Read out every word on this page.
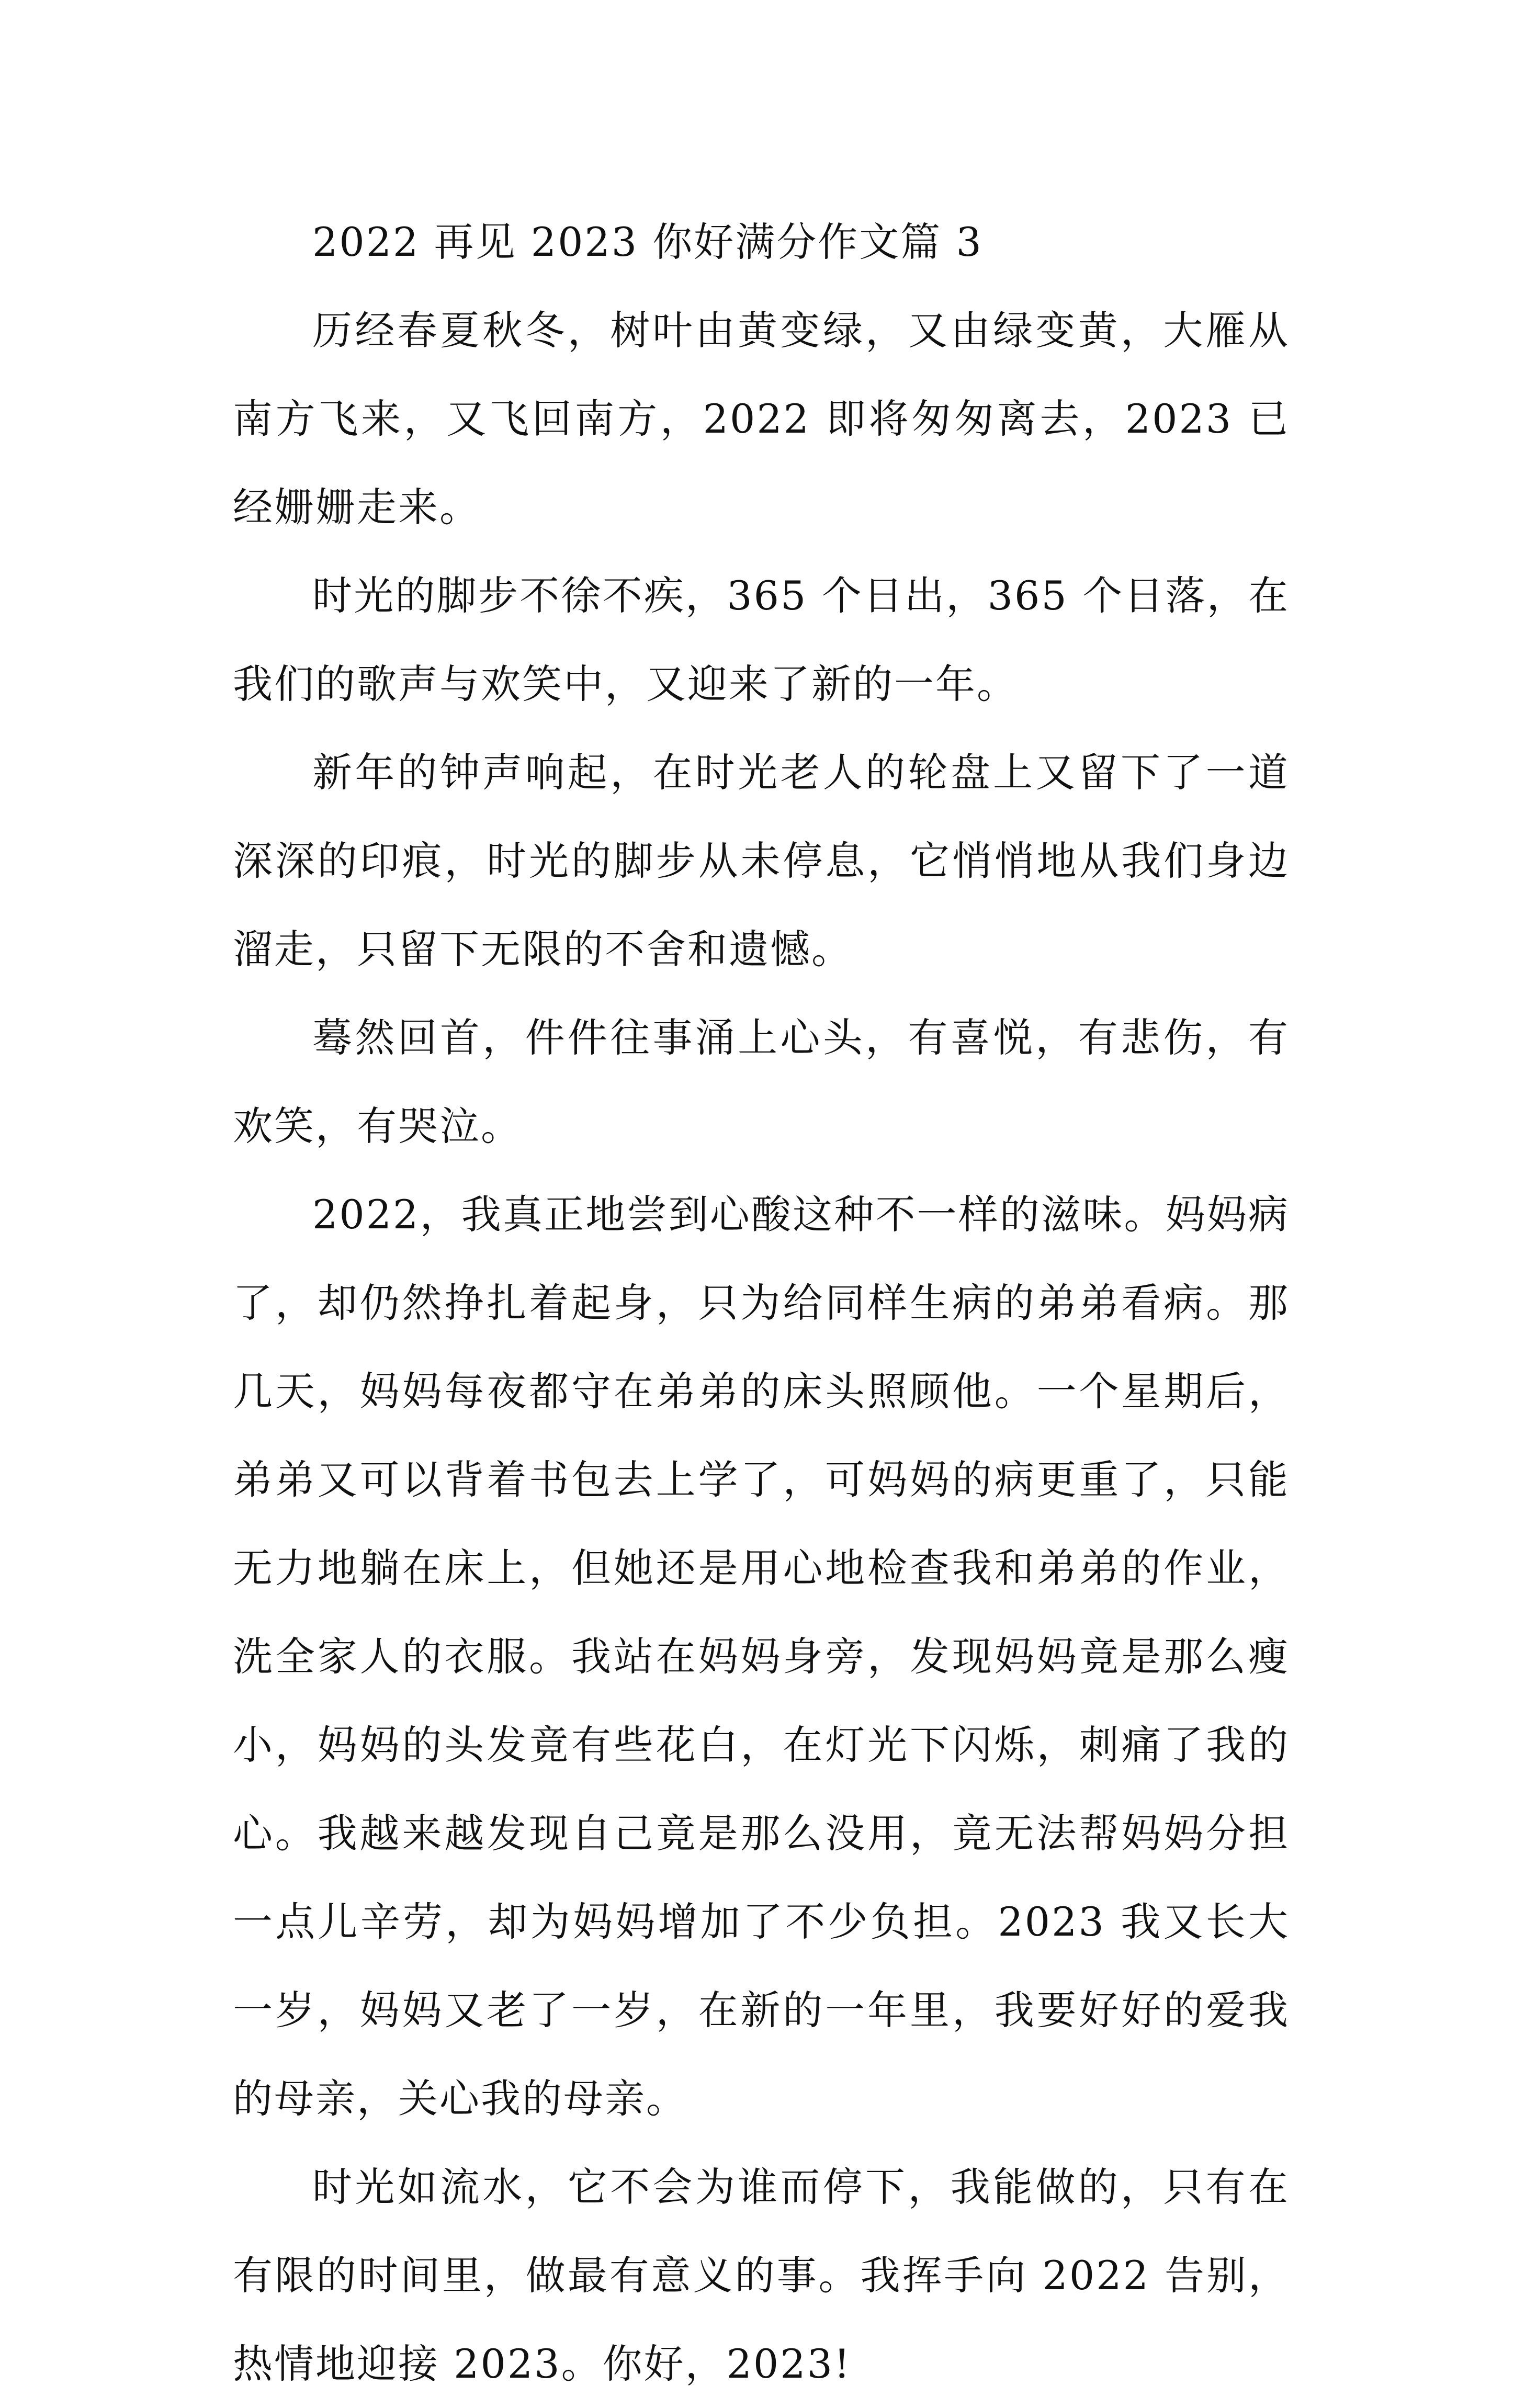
2022 再见 2023 你好满分作文篇 3

历经春夏秋冬，树叶由黄变绿，又由绿变黄，大雁从南方飞来，又飞回南方，2022 即将匆匆离去，2023 已经姗姗走来。

时光的脚步不徐不疾，365 个日出，365 个日落，在我们的歌声与欢笑中，又迎来了新的一年。

新年的钟声响起，在时光老人的轮盘上又留下了一道深深的印痕，时光的脚步从未停息，它悄悄地从我们身边溜走，只留下无限的不舍和遗憾。

蓦然回首，件件往事涌上心头，有喜悦，有悲伤，有欢笑，有哭泣。

2022，我真正地尝到心酸这种不一样的滋味。妈妈病了，却仍然挣扎着起身，只为给同样生病的弟弟看病。那几天，妈妈每夜都守在弟弟的床头照顾他。一个星期后，弟弟又可以背着书包去上学了，可妈妈的病更重了，只能无力地躺在床上，但她还是用心地检查我和弟弟的作业，洗全家人的衣服。我站在妈妈身旁，发现妈妈竟是那么瘦小，妈妈的头发竟有些花白，在灯光下闪烁，刺痛了我的心。我越来越发现自己竟是那么没用，竟无法帮妈妈分担一点儿辛劳，却为妈妈增加了不少负担。2023 我又长大一岁，妈妈又老了一岁，在新的一年里，我要好好的爱我的母亲，关心我的母亲。

时光如流水，它不会为谁而停下，我能做的，只有在有限的时间里，做最有意义的事。我挥手向 2022 告别，热情地迎接 2023。你好，2023!
